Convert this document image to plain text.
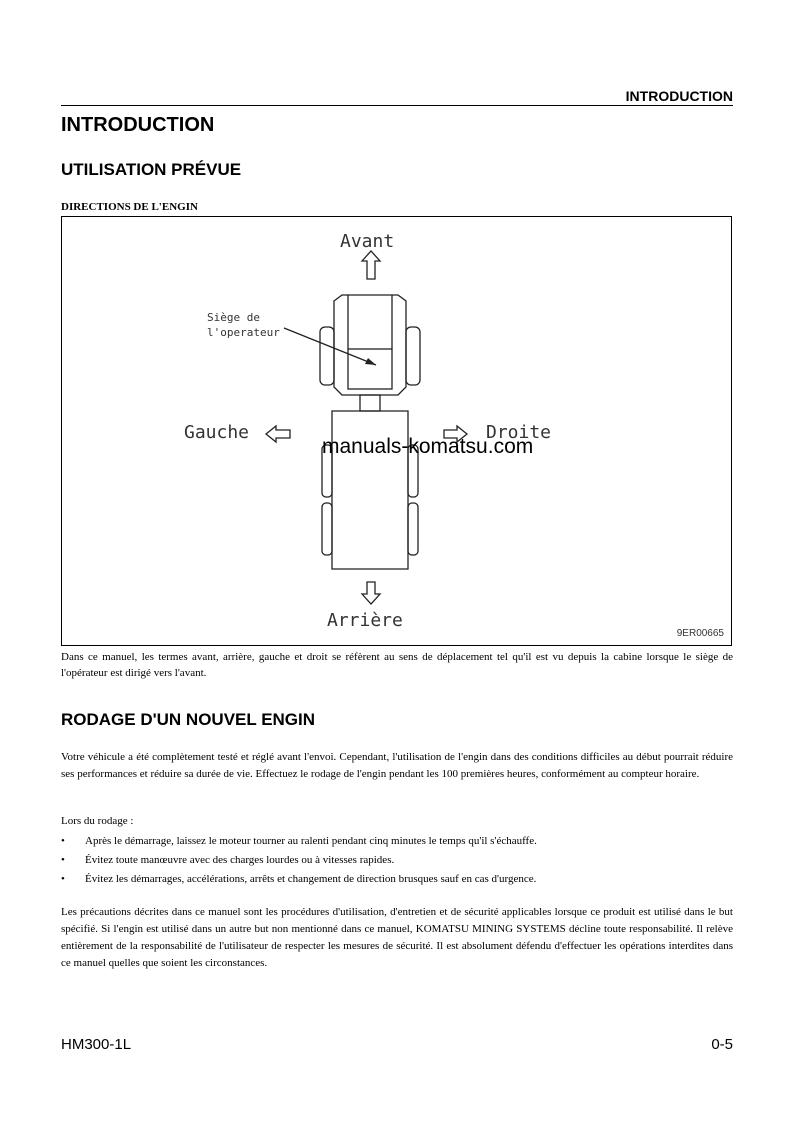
INTRODUCTION
INTRODUCTION
UTILISATION PRÉVUE
DIRECTIONS DE L'ENGIN
Avant
Arrière
Gauche	Droite
Siège de
l'operateur
9ER00665
manuals-komatsu.com

Dans ce manuel, les termes avant, arrière, gauche et droit se réfèrent au sens de déplacement tel qu'il est vu depuis la cabine lorsque le siège de l'opérateur est dirigé vers l'avant.

RODAGE D'UN NOUVEL ENGIN

Votre véhicule a été complètement testé et réglé avant l'envoi. Cependant, l'utilisation de l'engin dans des conditions difficiles au début pourrait réduire ses performances et réduire sa durée de vie. Effectuez le rodage de l'engin pendant les 100 premières heures, conformément au compteur horaire.

Lors du rodage :
• Après le démarrage, laissez le moteur tourner au ralenti pendant cinq minutes le temps qu'il s'échauffe.
• Évitez toute manœuvre avec des charges lourdes ou à vitesses rapides.
• Évitez les démarrages, accélérations, arrêts et changement de direction brusques sauf en cas d'urgence.

Les précautions décrites dans ce manuel sont les procédures d'utilisation, d'entretien et de sécurité applicables lorsque ce produit est utilisé dans le but spécifié. Si l'engin est utilisé dans un autre but non mentionné dans ce manuel, KOMATSU MINING SYSTEMS décline toute responsabilité. Il relève entièrement de la responsabilité de l'utilisateur de respecter les mesures de sécurité. Il est absolument défendu d'effectuer les opérations interdites dans ce manuel quelles que soient les circonstances.

HM300-1L	0-5
